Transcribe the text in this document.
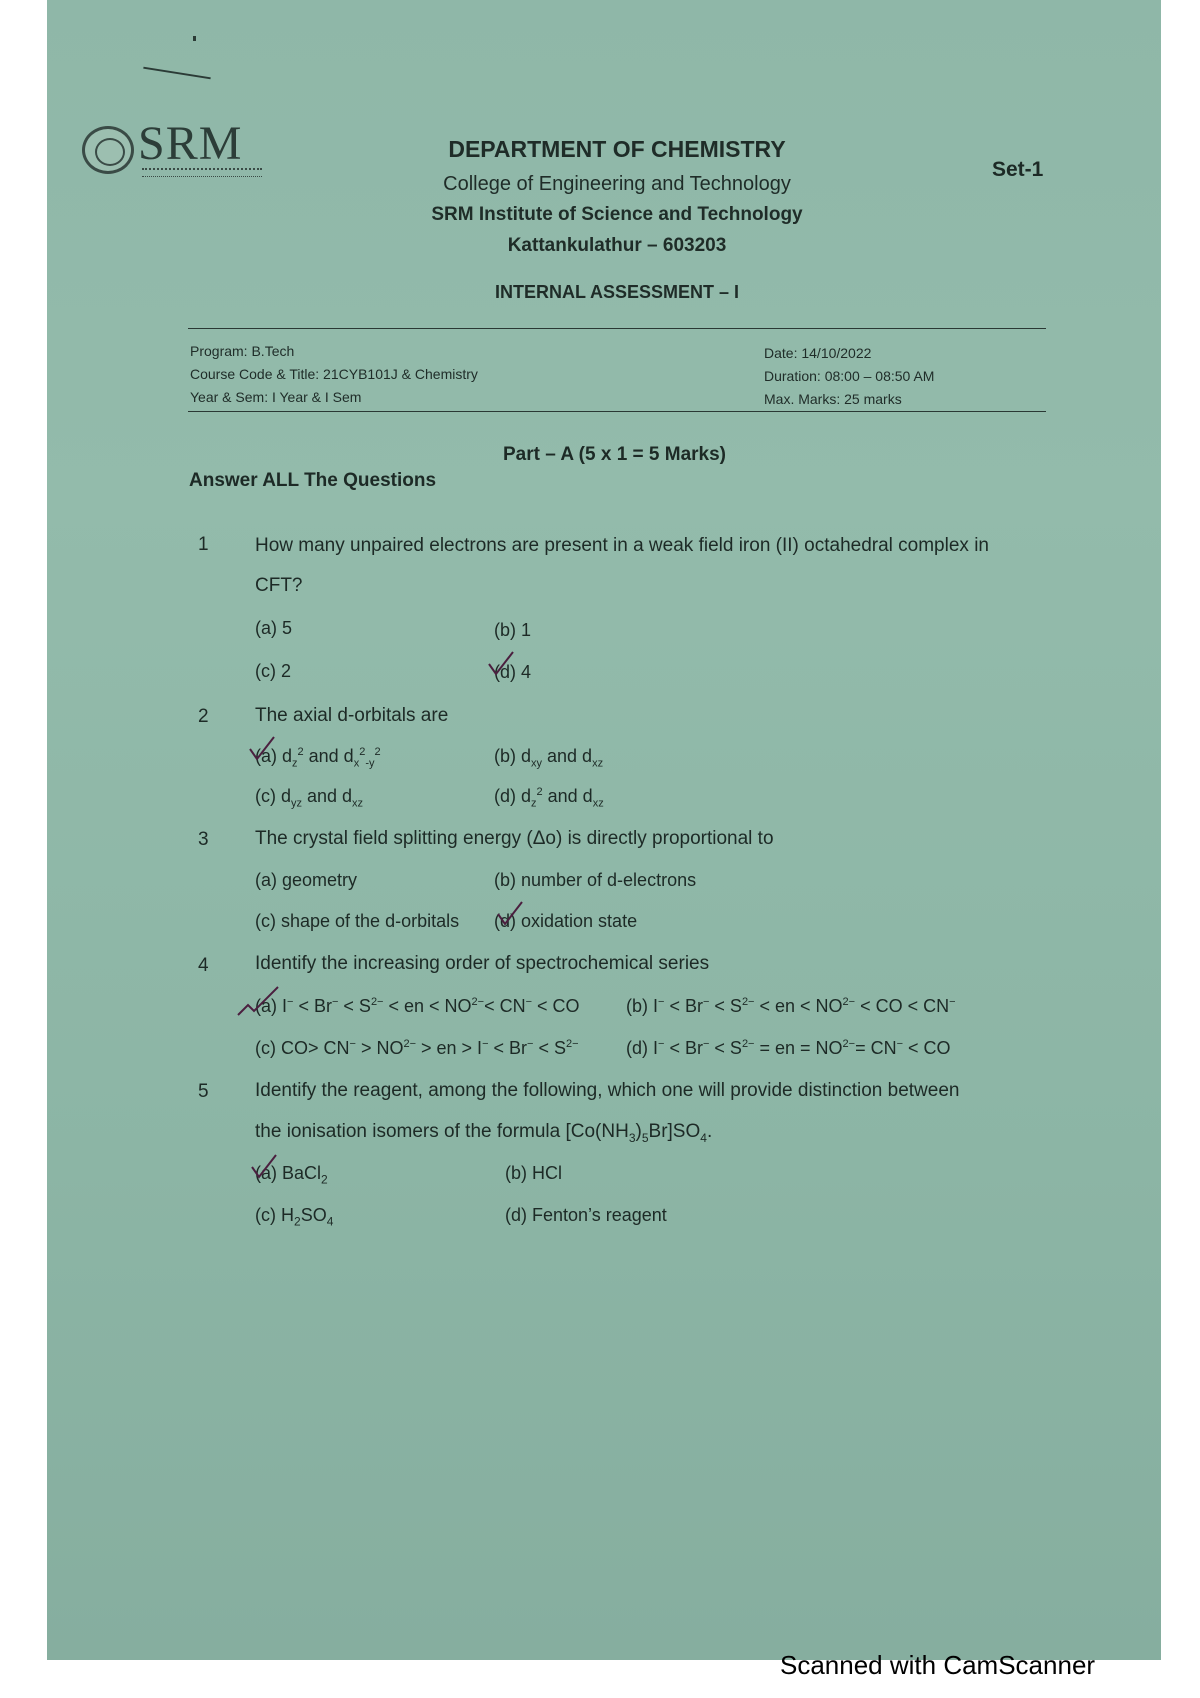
SRM	DEPARTMENT OF CHEMISTRY
College of Engineering and Technology
SRM Institute of Science and Technology
Kattankulathur – 603203
INTERNAL ASSESSMENT – I
Set-1
Program: B.Tech
Course Code & Title: 21CYB101J & Chemistry
Year & Sem: I Year & I Sem
Date: 14/10/2022
Duration: 08:00 – 08:50 AM
Max. Marks: 25 marks
Part – A (5 x 1 = 5 Marks)
Answer ALL The Questions
1 How many unpaired electrons are present in a weak field iron (II) octahedral complex in
CFT?
(a) 5	(b) 1
(c) 2	(d) 4
2 The axial d-orbitals are
(a) $d_z^2$ and $d_x^2_{-y}^2$	(b) $d_{xy}$ and $d_{xz}$
(c) $d_{yz}$ and $d_{xz}$	(d) $d_z^2$ and $d_{xz}$
3 The crystal field splitting energy (Δo) is directly proportional to
(a) geometry	(b) number of d-electrons
(c) shape of the d-orbitals (d) oxidation state
4 Identify the increasing order of spectrochemical series
(a) $I^- < Br^- < S^{2-}$ < en < $NO^{2-}< CN^-$ < CO	(b) $I^- < Br^- < S^{2-}$ < en < $NO^{2-}$ < CO < CN−
(c) $CO> CN^- > NO^{2-}$ > en > $I^- < Br^- < S^{2-}$	(d) $I^- < Br^- < S^{2-}$ = en = $NO^{2-}= CN^-$ < CO
5 Identify the reagent, among the following, which one will provide distinction between
the ionisation isomers of the formula $[Co(NH_3)_5Br]SO_4$.
(a) BaCl$_2$	(b) HCl
(c) $H_2SO_4$	(d) Fenton’s reagent
Scanned with CamScanner
